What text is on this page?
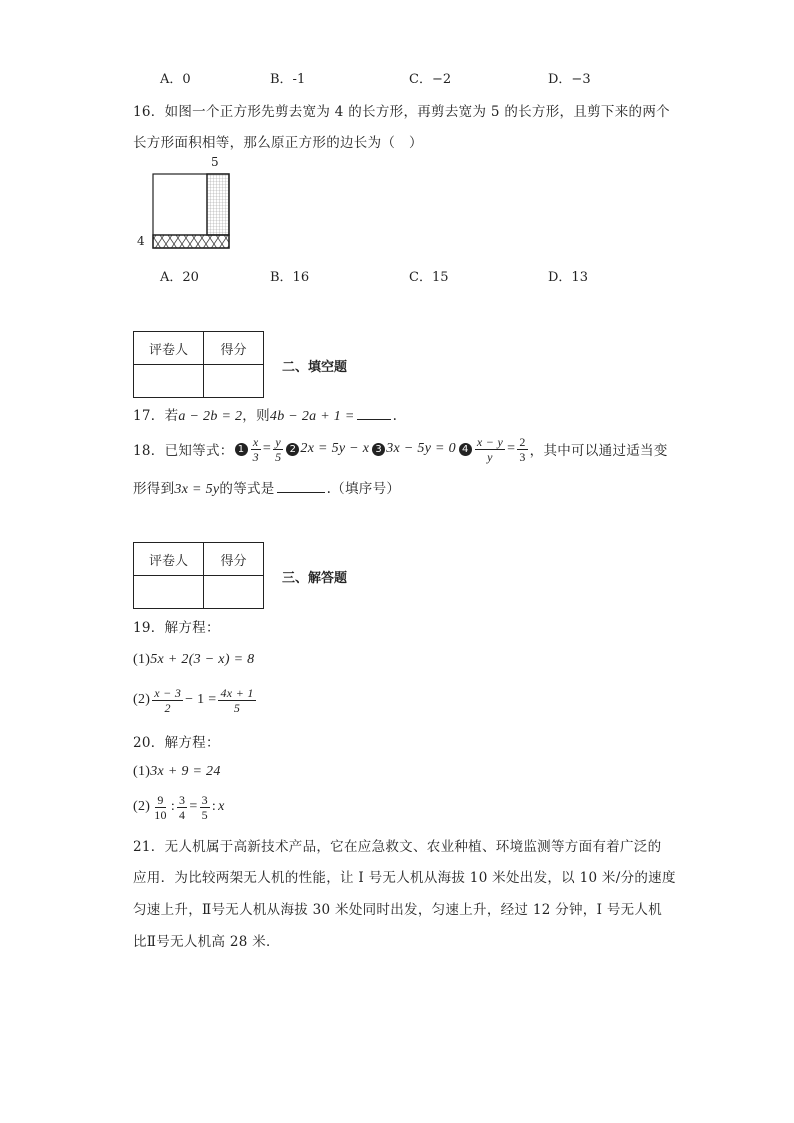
A．0	B．-1	C．−2	D．−3
16．如图一个正方形先剪去宽为 4 的长方形，再剪去宽为 5 的长方形，且剪下来的两个
长方形面积相等，那么原正方形的边长为（　）
5
4
A．20	B．16	C．15	D．13
评卷人	得分

二、填空题
17．若a − 2b = 2，则4b − 2a + 1 =	.
18．已知等式： $1 \frac{x}{3} = \frac{y}{5} 2$ 2x = 5y − x 3 3x − 5y = 0 $4 \frac{x - y}{y} = \frac{2}{3}$ ，其中可以通过适当变
形得到3x = 5y的等式是	.（填序号）
评卷人	得分

三、解答题
19．解方程：
(1)5x + 2(3 − x) = 8
$(2) \frac{x - 3}{2} - 1 = \frac{4x + 1}{5}$
20．解方程：
(1)3x + 9 = 24
$(2) \frac{9}{10}$ : $\frac{3}{4} = \frac{3}{5}$ : x
21．无人机属于高新技术产品，它在应急救文、农业种植、环境监测等方面有着广泛的
应用．为比较两架无人机的性能，让 I 号无人机从海拔 10 米处出发，以 10 米/分的速度
匀速上升，Ⅱ号无人机从海拔 30 米处同时出发，匀速上升，经过 12 分钟，I 号无人机
比Ⅱ号无人机高 28 米．
